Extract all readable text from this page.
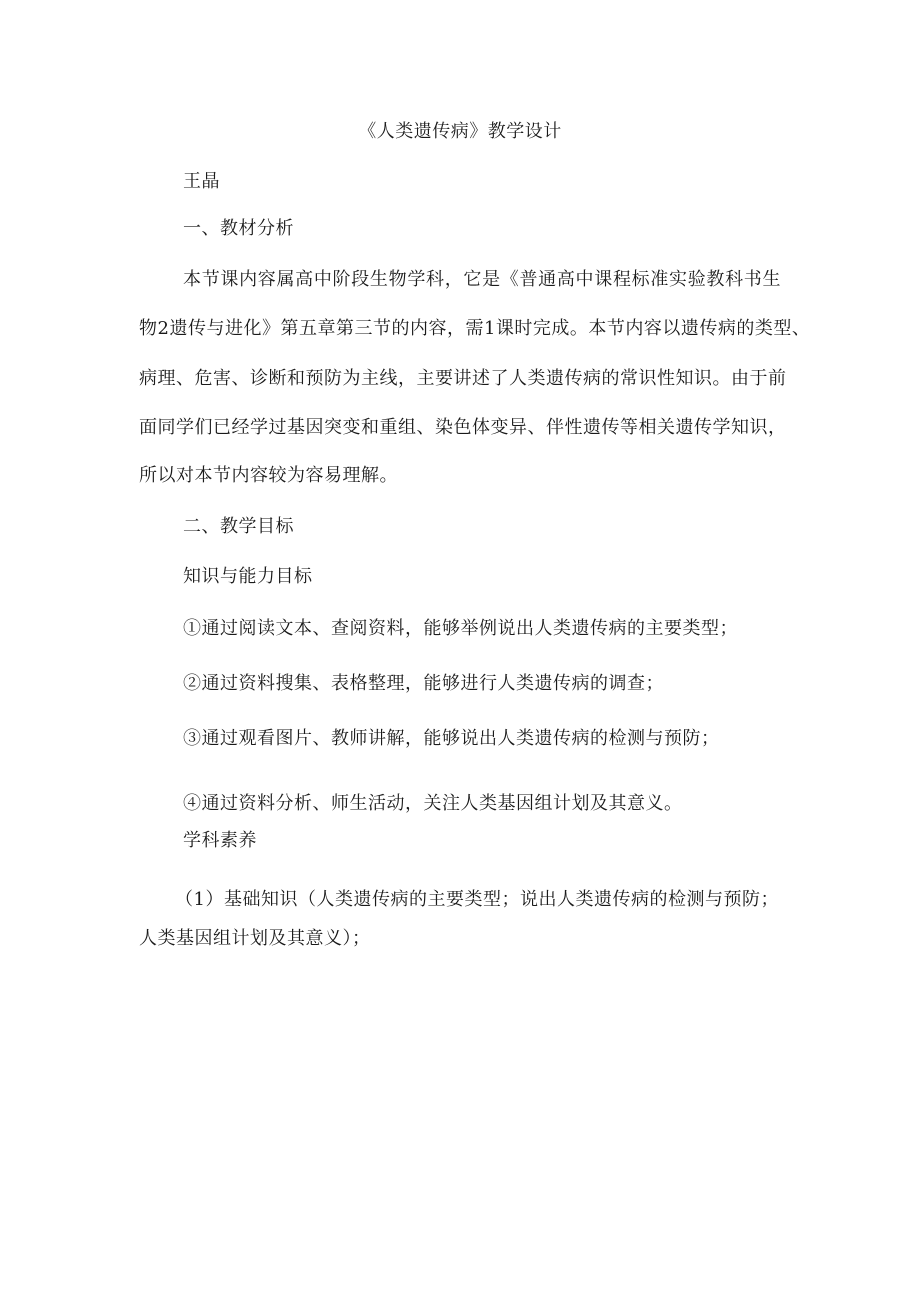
《人类遗传病》教学设计
王晶
一、教材分析
本节课内容属高中阶段生物学科，它是《普通高中课程标准实验教科书生
物2遗传与进化》第五章第三节的内容，需1课时完成。本节内容以遗传病的类型、
病理、危害、诊断和预防为主线，主要讲述了人类遗传病的常识性知识。由于前
面同学们已经学过基因突变和重组、染色体变异、伴性遗传等相关遗传学知识，
所以对本节内容较为容易理解。
二、教学目标
知识与能力目标
①通过阅读文本、查阅资料，能够举例说出人类遗传病的主要类型；
②通过资料搜集、表格整理，能够进行人类遗传病的调查；
③通过观看图片、教师讲解，能够说出人类遗传病的检测与预防；
④通过资料分析、师生活动，关注人类基因组计划及其意义。
学科素养
（1）基础知识（人类遗传病的主要类型；说出人类遗传病的检测与预防；
人类基因组计划及其意义）；
